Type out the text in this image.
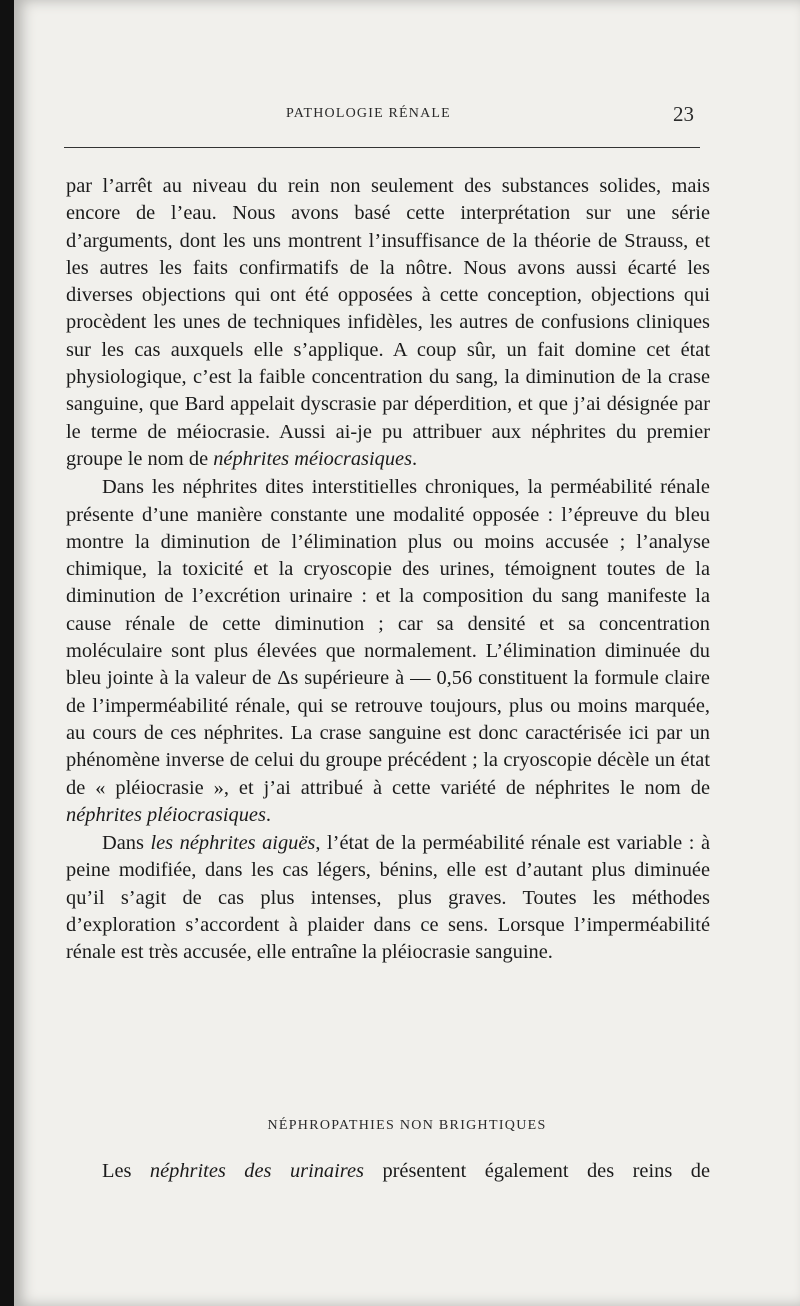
PATHOLOGIE RÉNALE	23

par l’arrêt au niveau du rein non seulement des substances solides, mais encore de l’eau. Nous avons basé cette interprétation sur une série d’arguments, dont les uns montrent l’insuffisance de la théorie de Strauss, et les autres les faits confirmatifs de la nôtre. Nous avons aussi écarté les diverses objections qui ont été opposées à cette conception, objections qui procèdent les unes de techniques infidèles, les autres de confusions cliniques sur les cas auxquels elle s’applique. A coup sûr, un fait domine cet état physiologique, c’est la faible concentration du sang, la diminution de la crase sanguine, que Bard appelait dyscrasie par déperdition, et que j’ai désignée par le terme de méiocrasie. Aussi ai-je pu attribuer aux néphrites du premier groupe le nom de néphrites méiocrasiques.

Dans les néphrites dites interstitielles chroniques, la perméabilité rénale présente d’une manière constante une modalité opposée : l’épreuve du bleu montre la diminution de l’élimination plus ou moins accusée ; l’analyse chimique, la toxicité et la cryoscopie des urines, témoignent toutes de la diminution de l’excrétion urinaire : et la composition du sang manifeste la cause rénale de cette diminution ; car sa densité et sa concentration moléculaire sont plus élevées que normalement. L’élimination diminuée du bleu jointe à la valeur de Δs supérieure à — 0,56 constituent la formule claire de l’imperméabilité rénale, qui se retrouve toujours, plus ou moins marquée, au cours de ces néphrites. La crase sanguine est donc caractérisée ici par un phénomène inverse de celui du groupe précédent ; la cryoscopie décèle un état de « pléiocrasie », et j’ai attribué à cette variété de néphrites le nom de néphrites pléiocrasiques.

Dans les néphrites aiguës, l’état de la perméabilité rénale est variable : à peine modifiée, dans les cas légers, bénins, elle est d’autant plus diminuée qu’il s’agit de cas plus intenses, plus graves. Toutes les méthodes d’exploration s’accordent à plaider dans ce sens. Lorsque l’imperméabilité rénale est très accusée, elle entraîne la pléiocrasie sanguine.

NÉPHROPATHIES NON BRIGHTIQUES
Les néphrites des urinaires présentent également des reins de
